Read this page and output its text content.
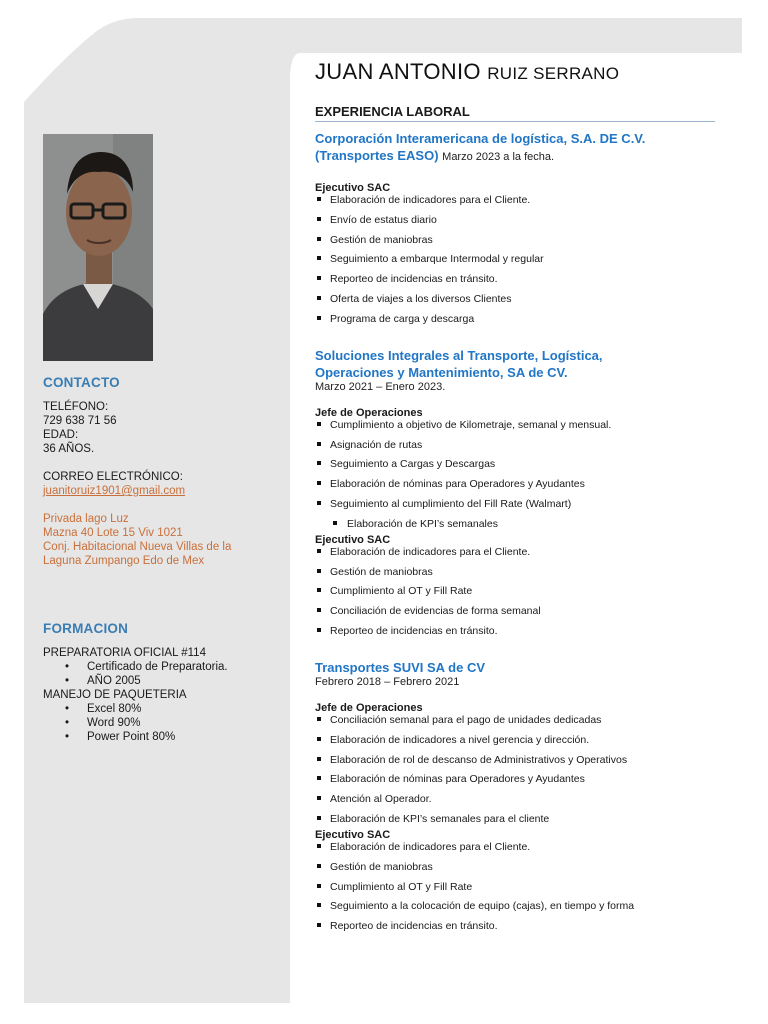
CONTACTO
TELÉFONO:
729 638 71 56
EDAD:
36 AÑOS.
CORREO ELECTRÓNICO:
juanitoruiz1901@gmail.com
Privada lago Luz
Mazna 40 Lote 15 Viv 1021
Conj. Habitacional Nueva Villas de la
Laguna Zumpango Edo de Mex
FORMACION
PREPARATORIA OFICIAL #114
• Certificado de Preparatoria.
• AÑO 2005
MANEJO DE PAQUETERIA
• Excel 80%
• Word 90%
• Power Point 80%
JUAN ANTONIO RUIZ SERRANO
EXPERIENCIA LABORAL
Corporación Interamericana de logística, S.A. DE C.V.
(Transportes EASO) Marzo 2023 a la fecha.
Ejecutivo SAC
Elaboración de indicadores para el Cliente.
Envío de estatus diario
Gestión de maniobras
Seguimiento a embarque Intermodal y regular
Reporteo de incidencias en tránsito.
Oferta de viajes a los diversos Clientes
Programa de carga y descarga
Soluciones Integrales al Transporte, Logística,
Operaciones y Mantenimiento, SA de CV.
Marzo 2021 – Enero 2023.
Jefe de Operaciones
Cumplimiento a objetivo de Kilometraje, semanal y mensual.
Asignación de rutas
Seguimiento a Cargas y Descargas
Elaboración de nóminas para Operadores y Ayudantes
Seguimiento al cumplimiento del Fill Rate (Walmart)
Elaboración de KPI’s semanales
Ejecutivo SAC
Elaboración de indicadores para el Cliente.
Gestión de maniobras
Cumplimiento al OT y Fill Rate
Conciliación de evidencias de forma semanal
Reporteo de incidencias en tránsito.
Transportes SUVI SA de CV
Febrero 2018 – Febrero 2021
Jefe de Operaciones
Conciliación semanal para el pago de unidades dedicadas
Elaboración de indicadores a nivel gerencia y dirección.
Elaboración de rol de descanso de Administrativos y Operativos
Elaboración de nóminas para Operadores y Ayudantes
Atención al Operador.
Elaboración de KPI’s semanales para el cliente
Ejecutivo SAC
Elaboración de indicadores para el Cliente.
Gestión de maniobras
Cumplimiento al OT y Fill Rate
Seguimiento a la colocación de equipo (cajas), en tiempo y forma
Reporteo de incidencias en tránsito.
